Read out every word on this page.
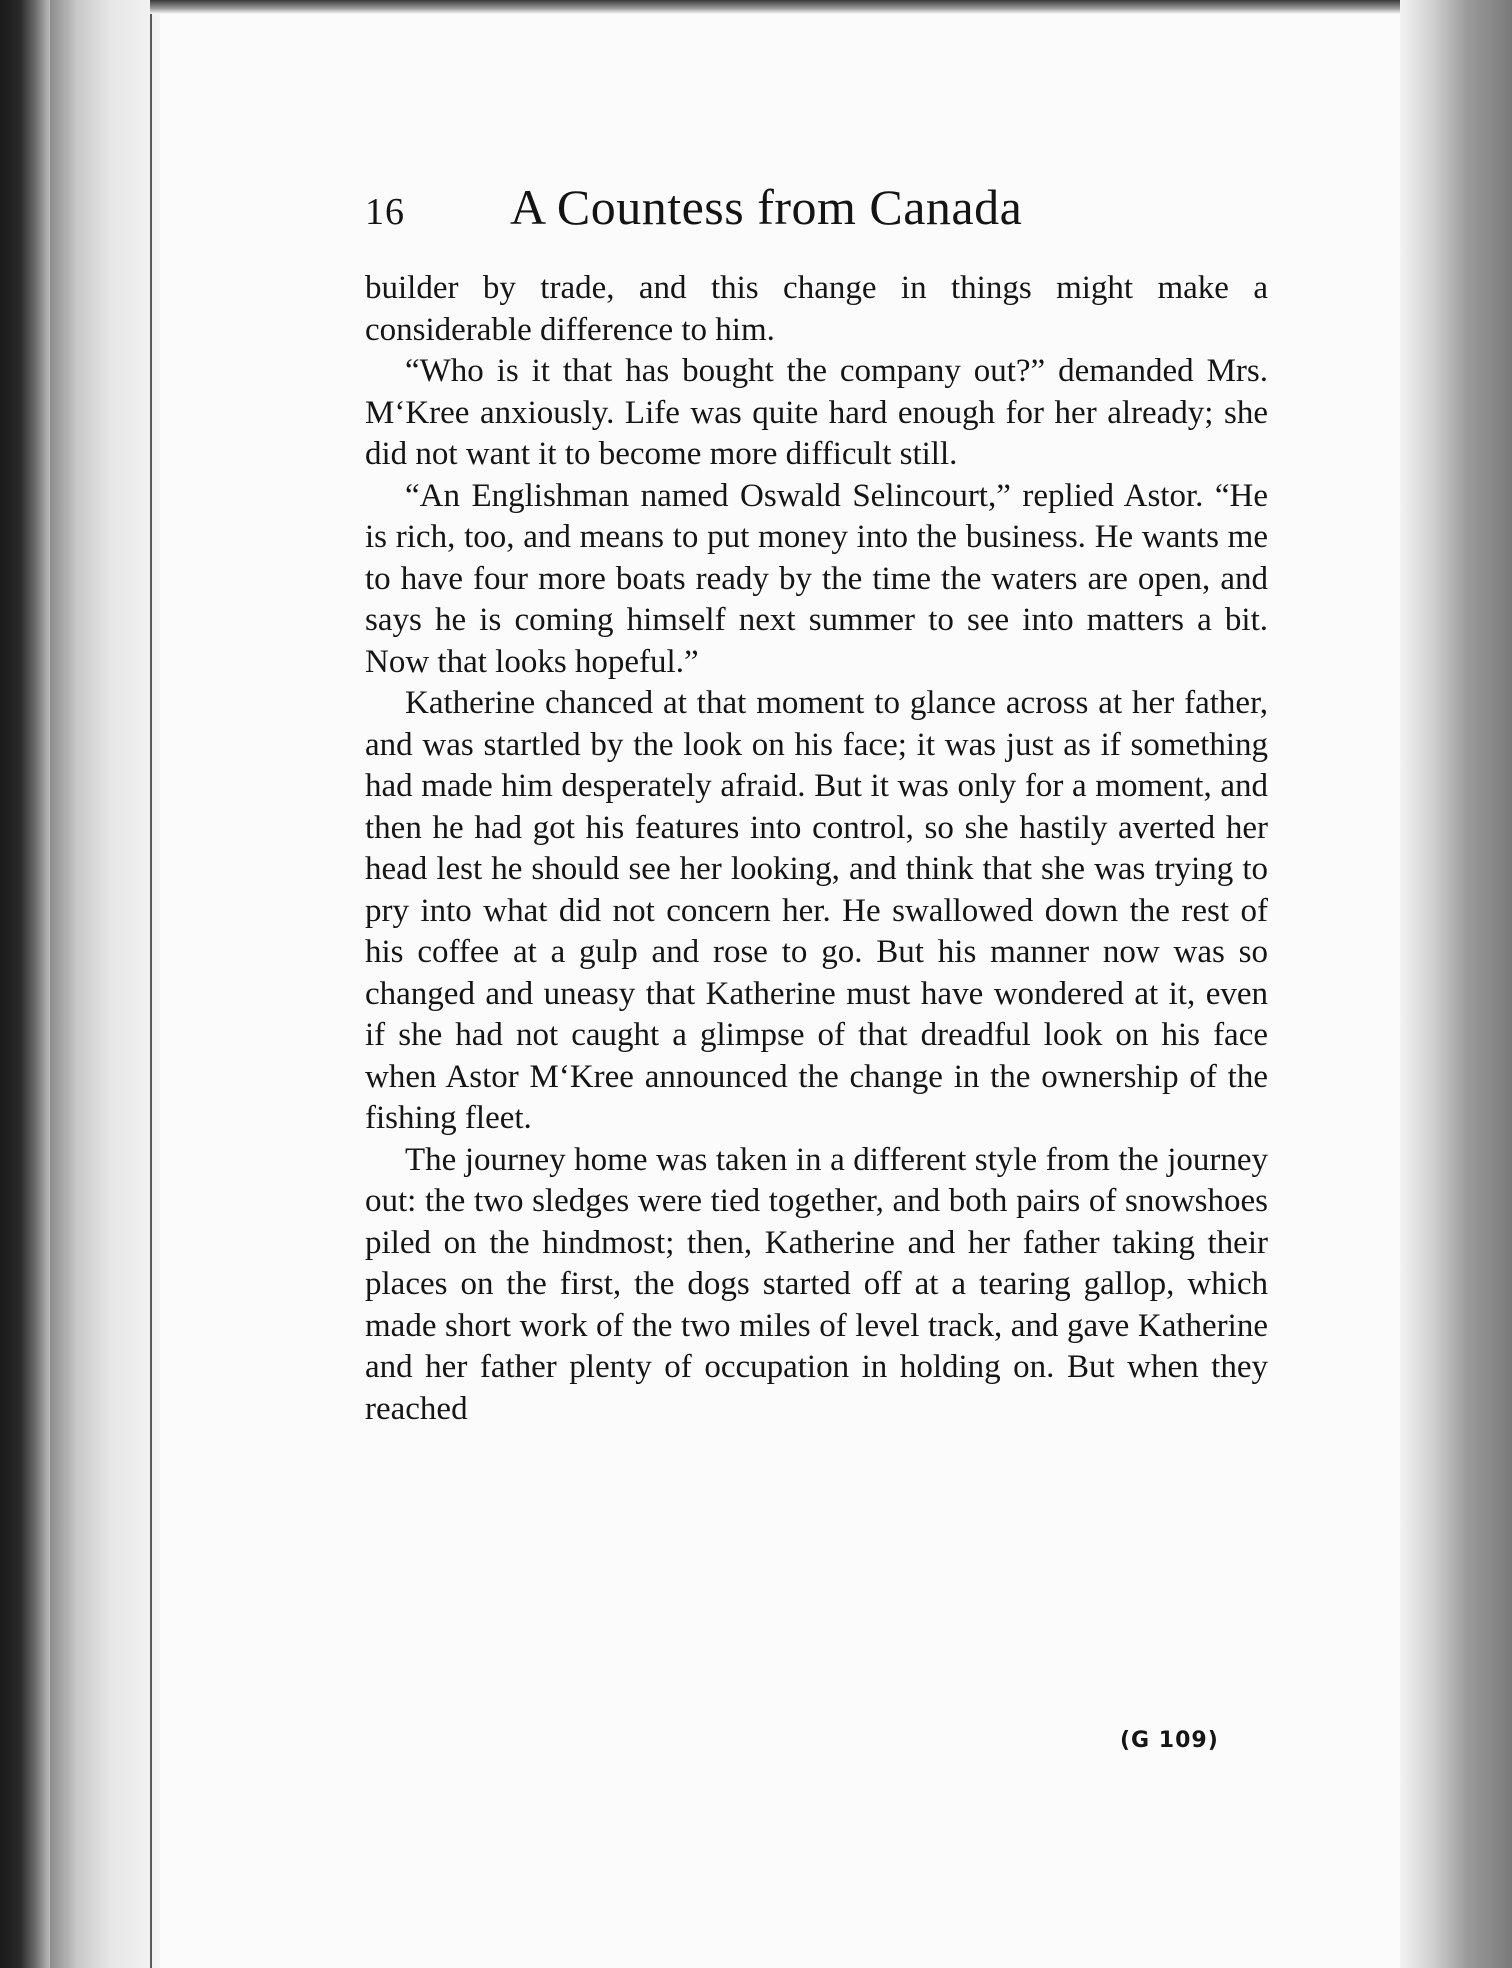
16 A Countess from Canada

builder by trade, and this change in things might make a considerable difference to him.

“Who is it that has bought the company out?” demanded Mrs. M‘Kree anxiously. Life was quite hard enough for her already; she did not want it to become more difficult still.

“An Englishman named Oswald Selincourt,” replied Astor. “He is rich, too, and means to put money into the business. He wants me to have four more boats ready by the time the waters are open, and says he is coming himself next summer to see into matters a bit. Now that looks hopeful.”

Katherine chanced at that moment to glance across at her father, and was startled by the look on his face; it was just as if something had made him desperately afraid. But it was only for a moment, and then he had got his features into control, so she hastily averted her head lest he should see her looking, and think that she was trying to pry into what did not concern her. He swallowed down the rest of his coffee at a gulp and rose to go. But his manner now was so changed and uneasy that Katherine must have wondered at it, even if she had not caught a glimpse of that dreadful look on his face when Astor M‘Kree announced the change in the ownership of the fishing fleet.

The journey home was taken in a different style from the journey out: the two sledges were tied together, and both pairs of snowshoes piled on the hindmost; then, Katherine and her father taking their places on the first, the dogs started off at a tearing gallop, which made short work of the two miles of level track, and gave Katherine and her father plenty of occupation in holding on. But when they reached

(G 109)
